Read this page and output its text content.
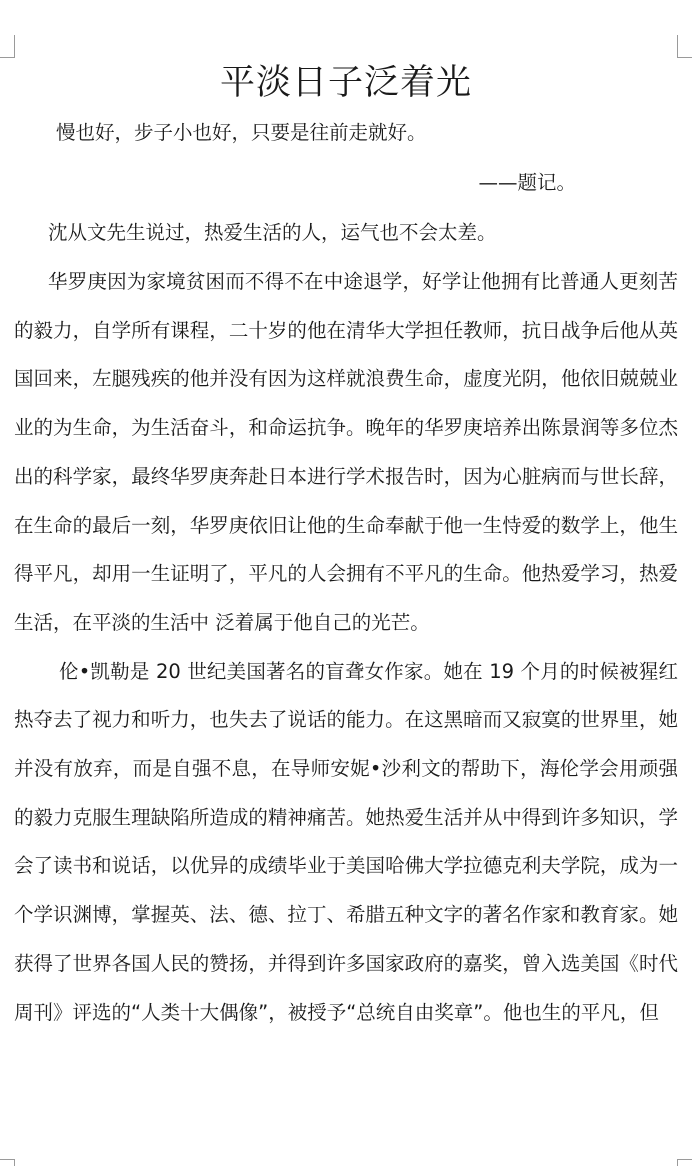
平淡日子泛着光

慢也好，步子小也好，只要是往前走就好。

——题记。

沈从文先生说过，热爱生活的人，运气也不会太差。

华罗庚因为家境贫困而不得不在中途退学，好学让他拥有比普通人更刻苦的毅力，自学所有课程，二十岁的他在清华大学担任教师，抗日战争后他从英国回来，左腿残疾的他并没有因为这样就浪费生命，虚度光阴，他依旧兢兢业业的为生命，为生活奋斗，和命运抗争。晚年的华罗庚培养出陈景润等多位杰出的科学家，最终华罗庚奔赴日本进行学术报告时，因为心脏病而与世长辞，在生命的最后一刻，华罗庚依旧让他的生命奉献于他一生恃爱的数学上，他生得平凡，却用一生证明了，平凡的人会拥有不平凡的生命。他热爱学习，热爱生活，在平淡的生活中 泛着属于他自己的光芒。

伦•凯勒是 20 世纪美国著名的盲聋女作家。她在 19 个月的时候被猩红热夺去了视力和听力，也失去了说话的能力。在这黑暗而又寂寞的世界里，她并没有放弃，而是自强不息，在导师安妮•沙利文的帮助下，海伦学会用顽强的毅力克服生理缺陷所造成的精神痛苦。她热爱生活并从中得到许多知识，学会了读书和说话，以优异的成绩毕业于美国哈佛大学拉德克利夫学院，成为一个学识渊博，掌握英、法、德、拉丁、希腊五种文字的著名作家和教育家。她获得了世界各国人民的赞扬，并得到许多国家政府的嘉奖，曾入选美国《时代周刊》评选的“人类十大偶像”，被授予“总统自由奖章”。他也生的平凡，但
